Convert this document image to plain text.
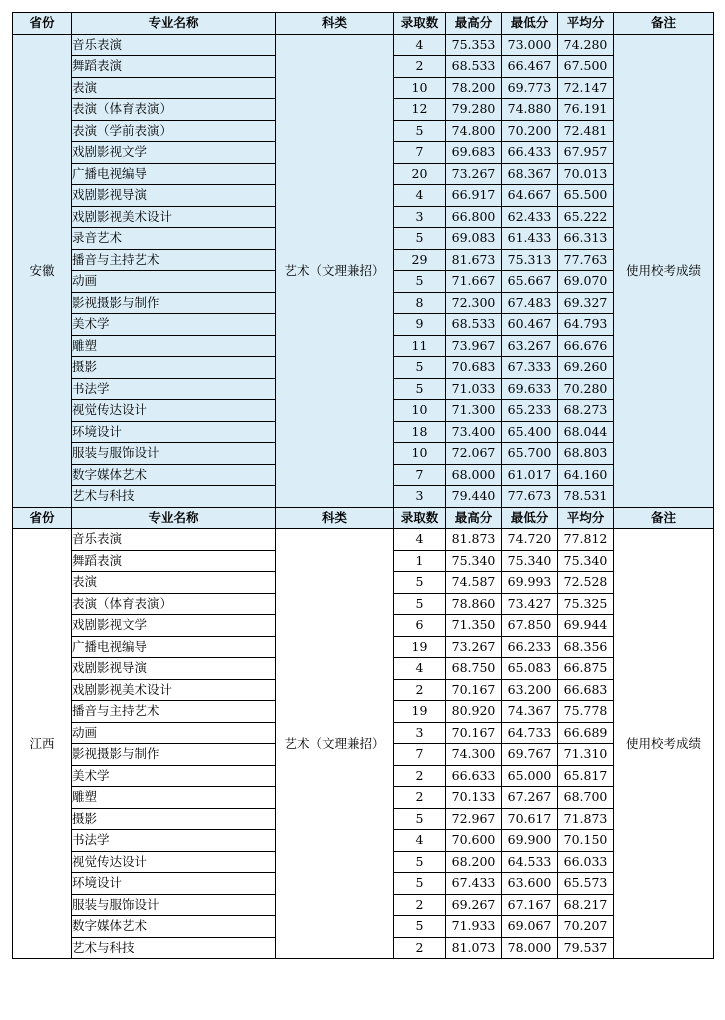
省份	专业名称	科类	录取数	最高分	最低分	平均分	备注
安徽	音乐表演	艺术（文理兼招）	4	75.353	73.000	74.280	使用校考成绩
	舞蹈表演		2	68.533	66.467	67.500	
	表演		10	78.200	69.773	72.147	
	表演（体育表演）		12	79.280	74.880	76.191	
	表演（学前表演）		5	74.800	70.200	72.481	
	戏剧影视文学		7	69.683	66.433	67.957	
	广播电视编导		20	73.267	68.367	70.013	
	戏剧影视导演		4	66.917	64.667	65.500	
	戏剧影视美术设计		3	66.800	62.433	65.222	
	录音艺术		5	69.083	61.433	66.313	
	播音与主持艺术		29	81.673	75.313	77.763	
	动画		5	71.667	65.667	69.070	
	影视摄影与制作		8	72.300	67.483	69.327	
	美术学		9	68.533	60.467	64.793	
	雕塑		11	73.967	63.267	66.676	
	摄影		5	70.683	67.333	69.260	
	书法学		5	71.033	69.633	70.280	
	视觉传达设计		10	71.300	65.233	68.273	
	环境设计		18	73.400	65.400	68.044	
	服装与服饰设计		10	72.067	65.700	68.803	
	数字媒体艺术		7	68.000	61.017	64.160	
	艺术与科技		3	79.440	77.673	78.531	
省份	专业名称	科类	录取数	最高分	最低分	平均分	备注
江西	音乐表演	艺术（文理兼招）	4	81.873	74.720	77.812	使用校考成绩
	舞蹈表演		1	75.340	75.340	75.340	
	表演		5	74.587	69.993	72.528	
	表演（体育表演）		5	78.860	73.427	75.325	
	戏剧影视文学		6	71.350	67.850	69.944	
	广播电视编导		19	73.267	66.233	68.356	
	戏剧影视导演		4	68.750	65.083	66.875	
	戏剧影视美术设计		2	70.167	63.200	66.683	
	播音与主持艺术		19	80.920	74.367	75.778	
	动画		3	70.167	64.733	66.689	
	影视摄影与制作		7	74.300	69.767	71.310	
	美术学		2	66.633	65.000	65.817	
	雕塑		2	70.133	67.267	68.700	
	摄影		5	72.967	70.617	71.873	
	书法学		4	70.600	69.900	70.150	
	视觉传达设计		5	68.200	64.533	66.033	
	环境设计		5	67.433	63.600	65.573	
	服装与服饰设计		2	69.267	67.167	68.217	
	数字媒体艺术		5	71.933	69.067	70.207	
	艺术与科技		2	81.073	78.000	79.537	
